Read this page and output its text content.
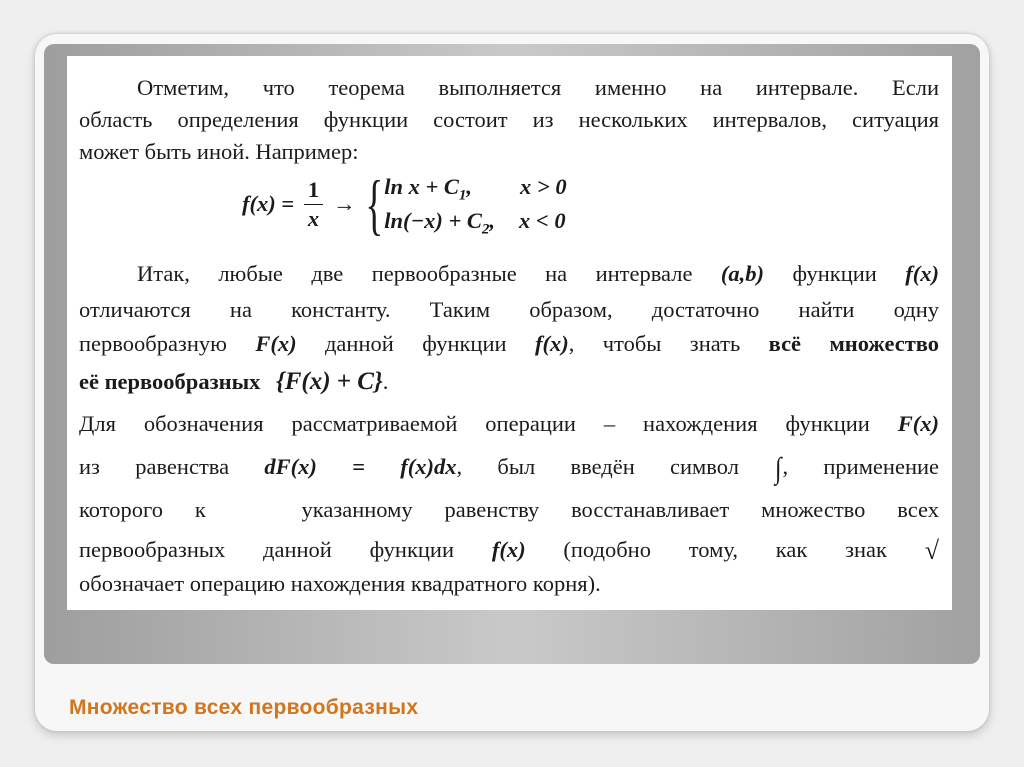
Отметим, что теорема выполняется именно на интервале. Если
область определения функции состоит из нескольких интервалов, ситуация
может быть иной. Например:
$f(x) = \frac{1}{x}$ → { $\ln x + C_1$, x > 0
$\ln(-x) + C_2$, x < 0
Итак, любые две первообразные на интервале (a,b) функции f(x)
отличаются на константу. Таким образом, достаточно найти одну
первообразную F(x) данной функции f(x), чтобы знать всё множество
её первообразных {F(x) + C}.
Для обозначения рассматриваемой операции – нахождения функции F(x)
из равенства dF(x) = f(x)dx, был введён символ ∫, применение
которого к   указанному равенству восстанавливает множество всех
первообразных данной функции f(x) (подобно тому, как знак √
обозначает операцию нахождения квадратного корня).
Множество всех первообразных
